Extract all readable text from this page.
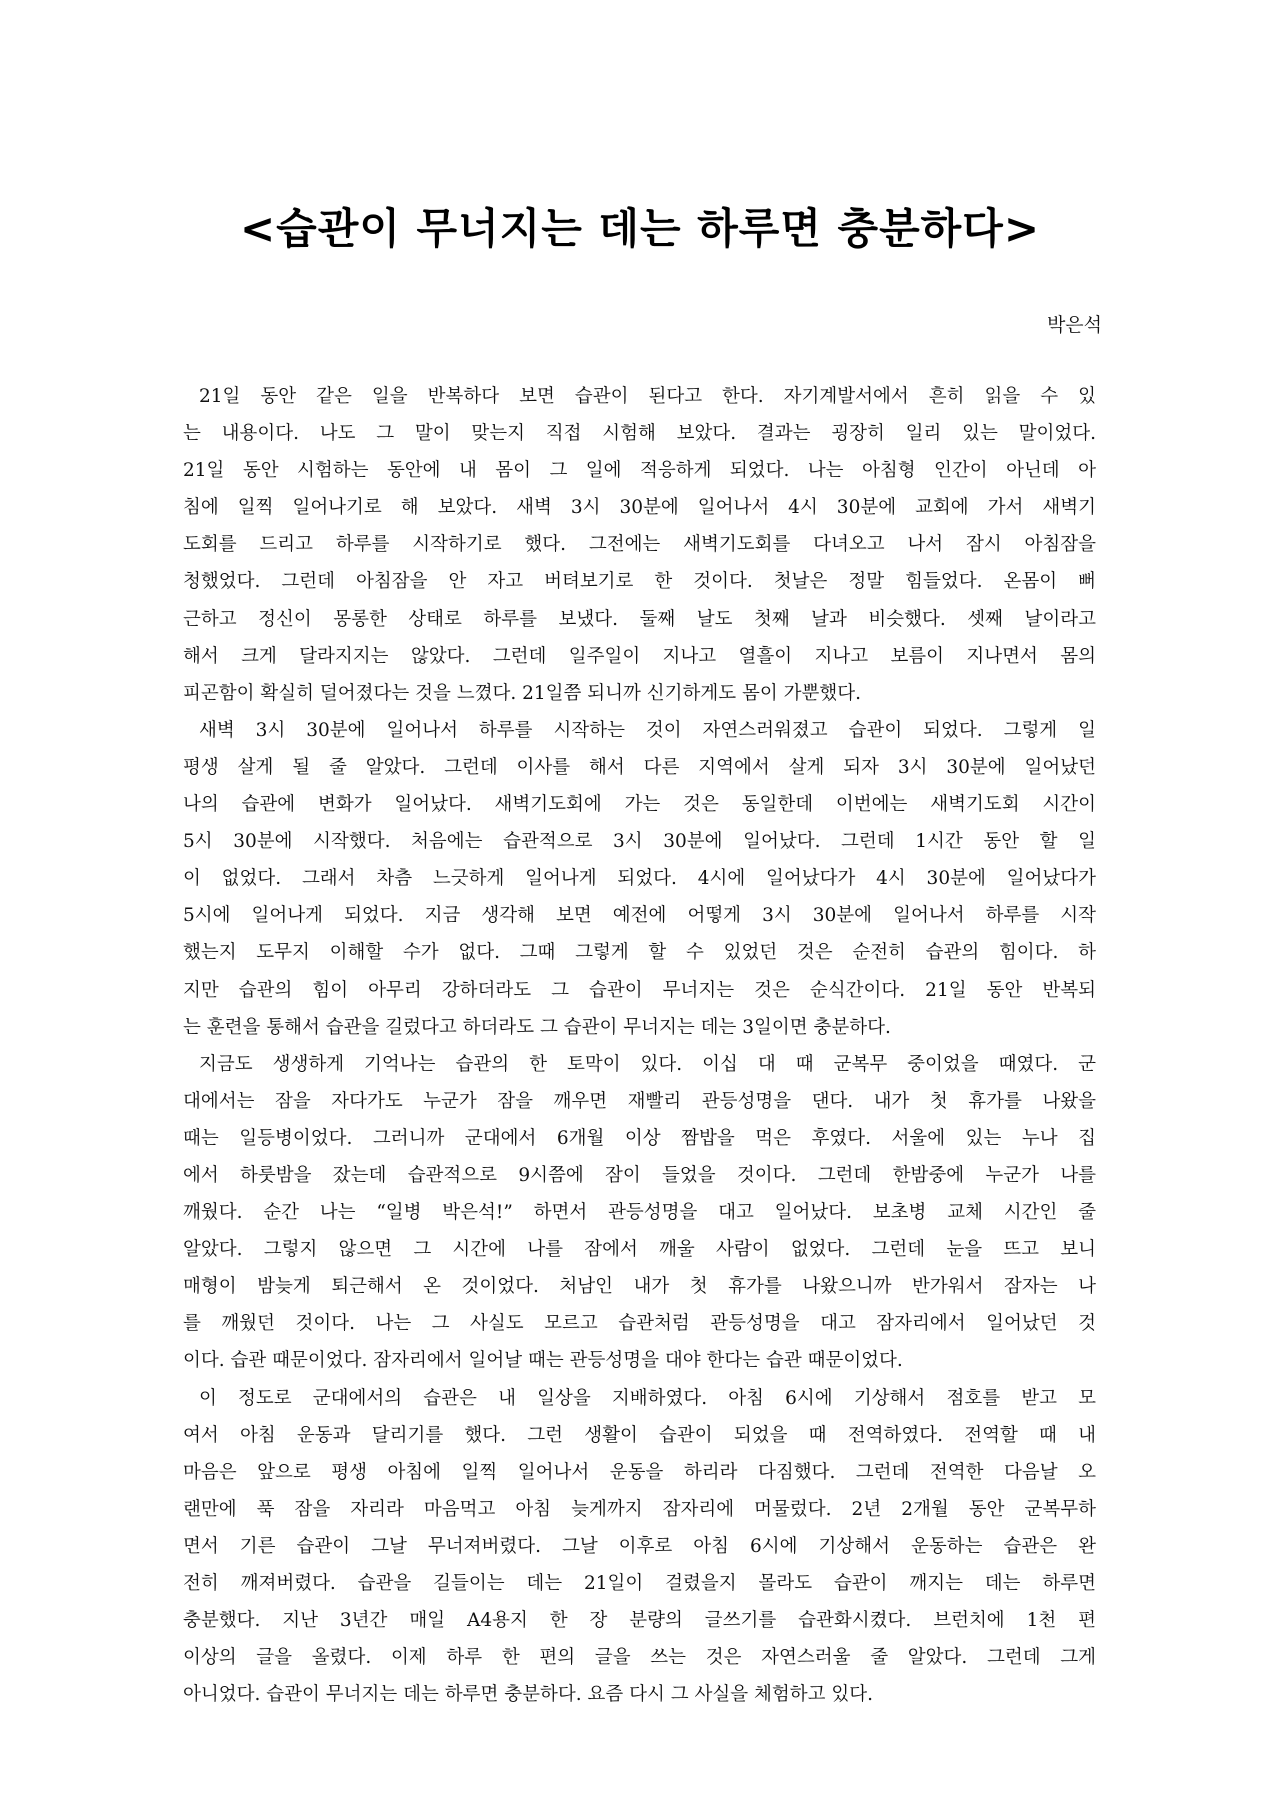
<습관이 무너지는 데는 하루면 충분하다>
박은석
21일 동안 같은 일을 반복하다 보면 습관이 된다고 한다. 자기계발서에서 흔히 읽을 수 있
는 내용이다. 나도 그 말이 맞는지 직접 시험해 보았다. 결과는 굉장히 일리 있는 말이었다.
21일 동안 시험하는 동안에 내 몸이 그 일에 적응하게 되었다. 나는 아침형 인간이 아닌데 아
침에 일찍 일어나기로 해 보았다. 새벽 3시 30분에 일어나서 4시 30분에 교회에 가서 새벽기
도회를 드리고 하루를 시작하기로 했다. 그전에는 새벽기도회를 다녀오고 나서 잠시 아침잠을
청했었다. 그런데 아침잠을 안 자고 버텨보기로 한 것이다. 첫날은 정말 힘들었다. 온몸이 뻐
근하고 정신이 몽롱한 상태로 하루를 보냈다. 둘째 날도 첫째 날과 비슷했다. 셋째 날이라고
해서 크게 달라지지는 않았다. 그런데 일주일이 지나고 열흘이 지나고 보름이 지나면서 몸의
피곤함이 확실히 덜어졌다는 것을 느꼈다. 21일쯤 되니까 신기하게도 몸이 가뿐했다.
새벽 3시 30분에 일어나서 하루를 시작하는 것이 자연스러워졌고 습관이 되었다. 그렇게 일
평생 살게 될 줄 알았다. 그런데 이사를 해서 다른 지역에서 살게 되자 3시 30분에 일어났던
나의 습관에 변화가 일어났다. 새벽기도회에 가는 것은 동일한데 이번에는 새벽기도회 시간이
5시 30분에 시작했다. 처음에는 습관적으로 3시 30분에 일어났다. 그런데 1시간 동안 할 일
이 없었다. 그래서 차츰 느긋하게 일어나게 되었다. 4시에 일어났다가 4시 30분에 일어났다가
5시에 일어나게 되었다. 지금 생각해 보면 예전에 어떻게 3시 30분에 일어나서 하루를 시작
했는지 도무지 이해할 수가 없다. 그때 그렇게 할 수 있었던 것은 순전히 습관의 힘이다. 하
지만 습관의 힘이 아무리 강하더라도 그 습관이 무너지는 것은 순식간이다. 21일 동안 반복되
는 훈련을 통해서 습관을 길렀다고 하더라도 그 습관이 무너지는 데는 3일이면 충분하다.
지금도 생생하게 기억나는 습관의 한 토막이 있다. 이십 대 때 군복무 중이었을 때였다. 군
대에서는 잠을 자다가도 누군가 잠을 깨우면 재빨리 관등성명을 댄다. 내가 첫 휴가를 나왔을
때는 일등병이었다. 그러니까 군대에서 6개월 이상 짬밥을 먹은 후였다. 서울에 있는 누나 집
에서 하룻밤을 잤는데 습관적으로 9시쯤에 잠이 들었을 것이다. 그런데 한밤중에 누군가 나를
깨웠다. 순간 나는 “일병 박은석!” 하면서 관등성명을 대고 일어났다. 보초병 교체 시간인 줄
알았다. 그렇지 않으면 그 시간에 나를 잠에서 깨울 사람이 없었다. 그런데 눈을 뜨고 보니
매형이 밤늦게 퇴근해서 온 것이었다. 처남인 내가 첫 휴가를 나왔으니까 반가워서 잠자는 나
를 깨웠던 것이다. 나는 그 사실도 모르고 습관처럼 관등성명을 대고 잠자리에서 일어났던 것
이다. 습관 때문이었다. 잠자리에서 일어날 때는 관등성명을 대야 한다는 습관 때문이었다.
이 정도로 군대에서의 습관은 내 일상을 지배하였다. 아침 6시에 기상해서 점호를 받고 모
여서 아침 운동과 달리기를 했다. 그런 생활이 습관이 되었을 때 전역하였다. 전역할 때 내
마음은 앞으로 평생 아침에 일찍 일어나서 운동을 하리라 다짐했다. 그런데 전역한 다음날 오
랜만에 푹 잠을 자리라 마음먹고 아침 늦게까지 잠자리에 머물렀다. 2년 2개월 동안 군복무하
면서 기른 습관이 그날 무너져버렸다. 그날 이후로 아침 6시에 기상해서 운동하는 습관은 완
전히 깨져버렸다. 습관을 길들이는 데는 21일이 걸렸을지 몰라도 습관이 깨지는 데는 하루면
충분했다. 지난 3년간 매일 A4용지 한 장 분량의 글쓰기를 습관화시켰다. 브런치에 1천 편
이상의 글을 올렸다. 이제 하루 한 편의 글을 쓰는 것은 자연스러울 줄 알았다. 그런데 그게
아니었다. 습관이 무너지는 데는 하루면 충분하다. 요즘 다시 그 사실을 체험하고 있다.
